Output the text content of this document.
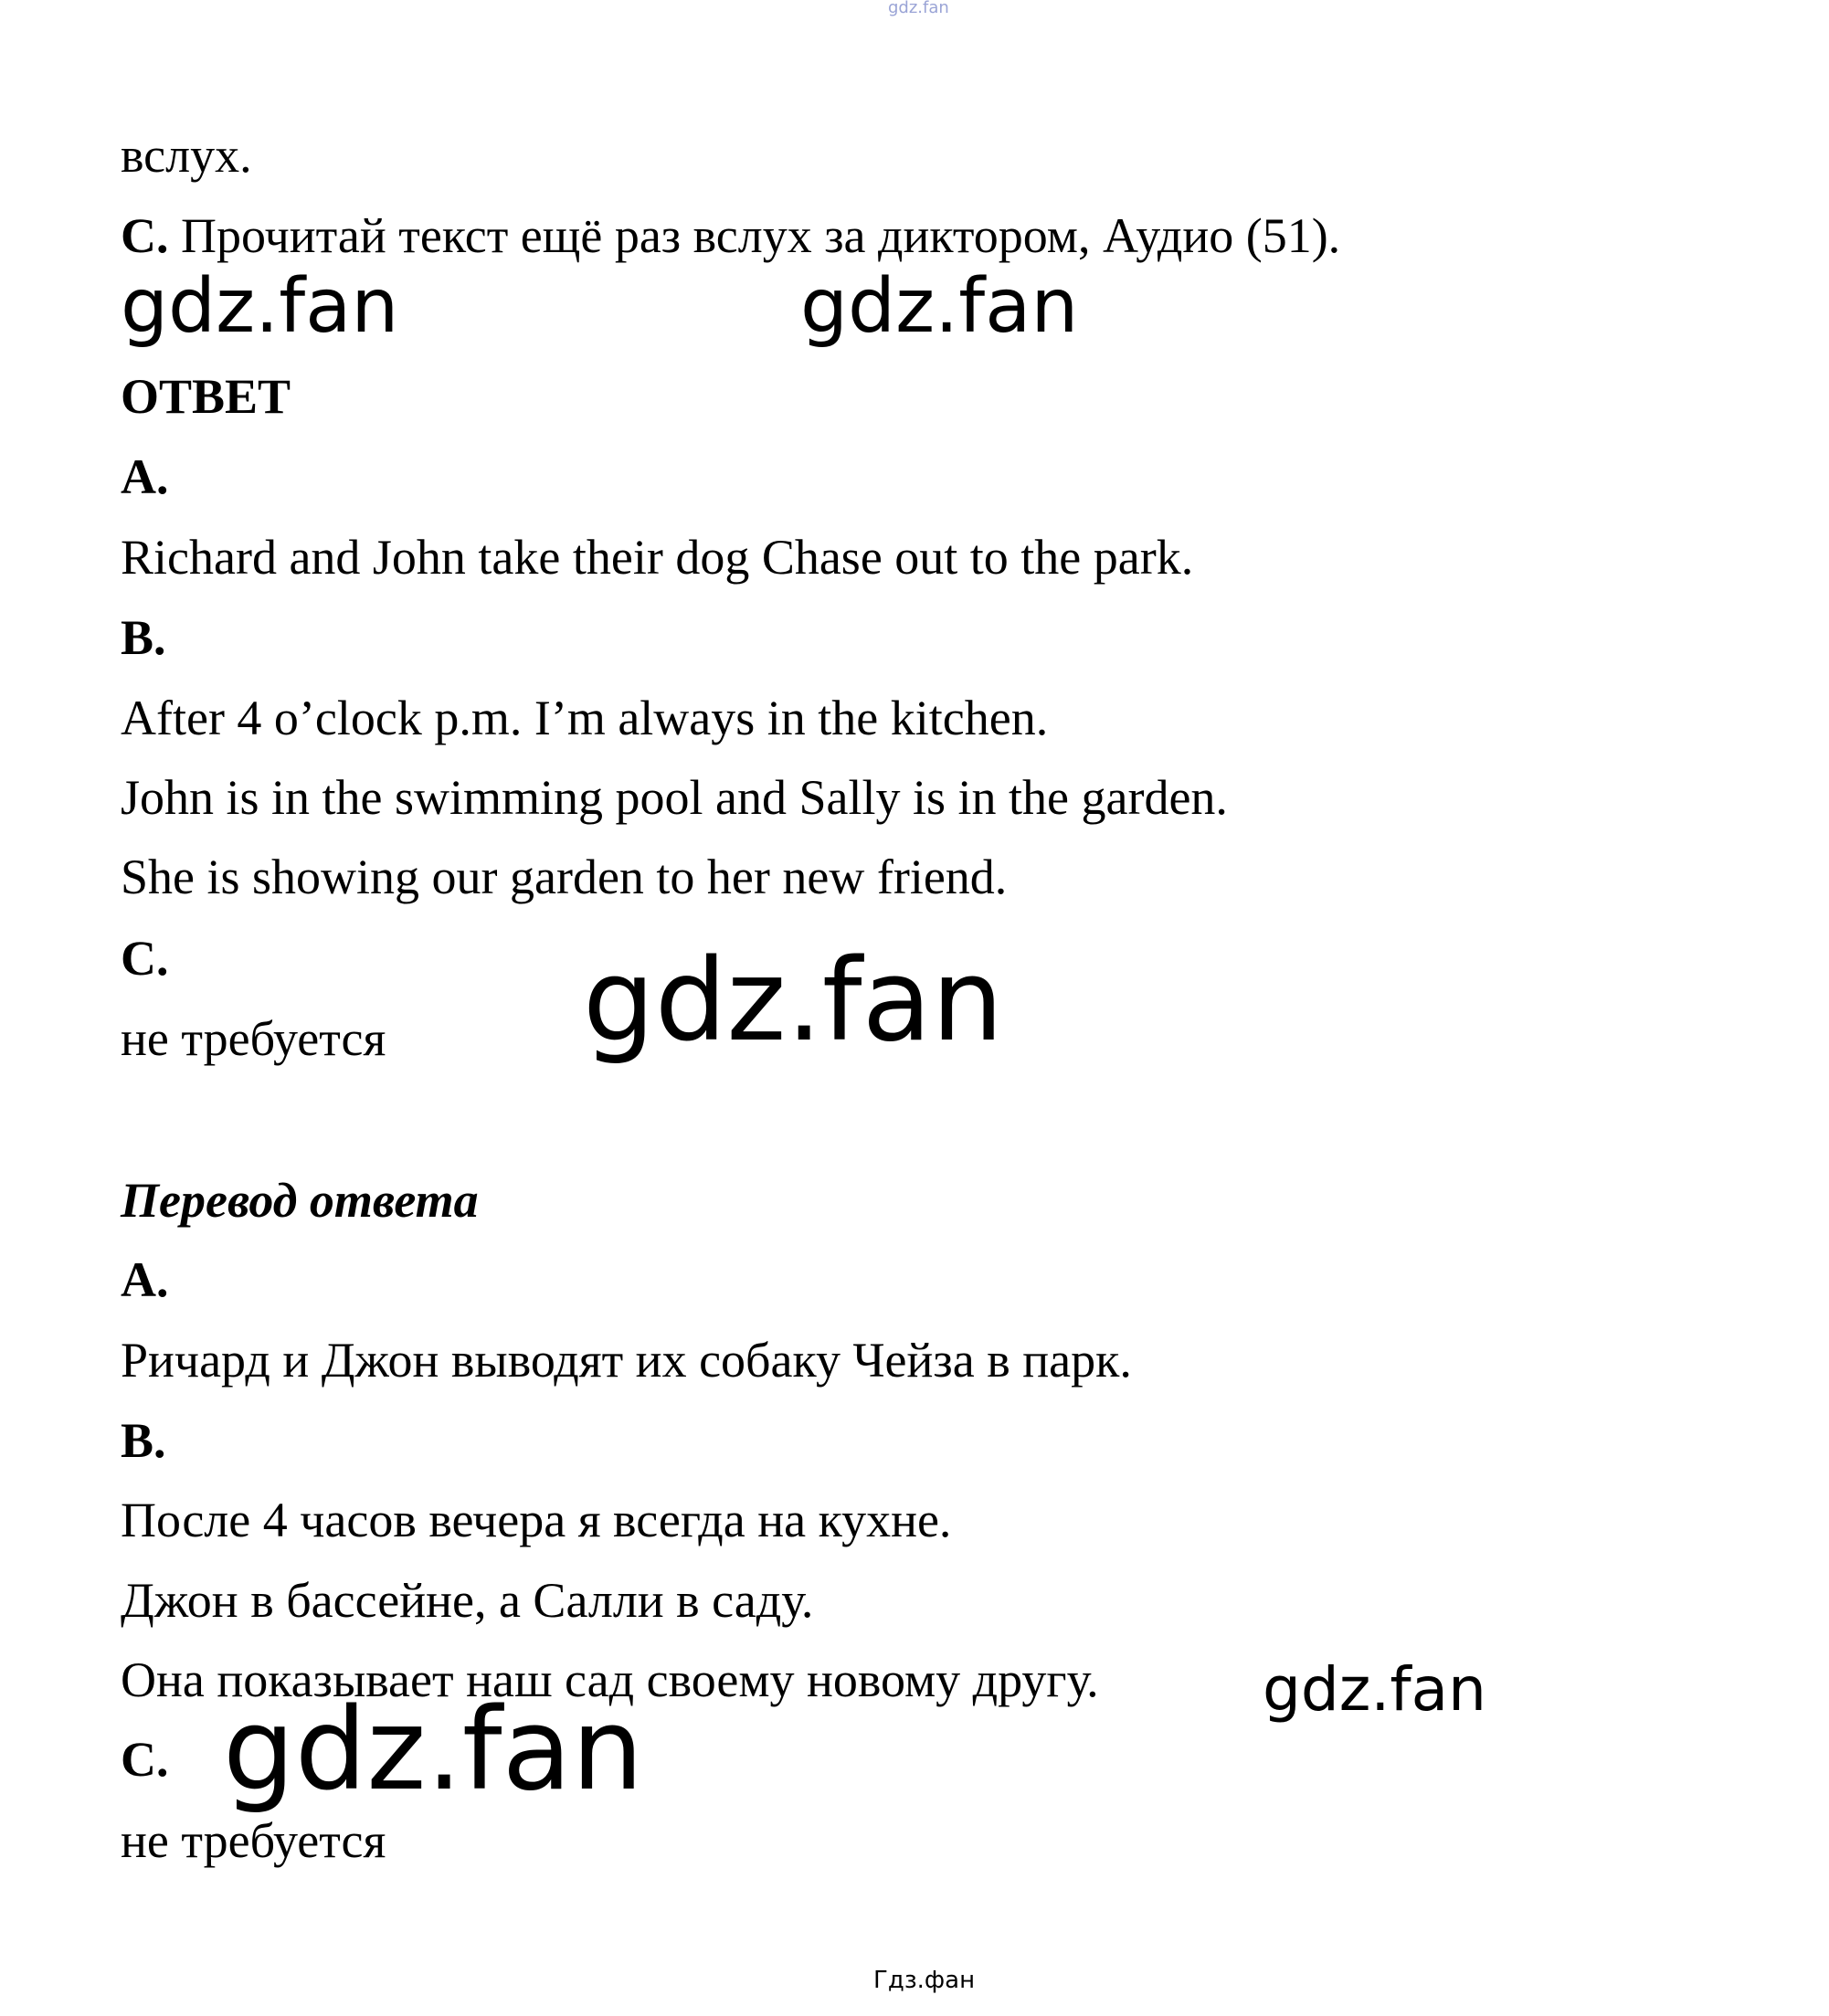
gdz.fan
вслух.
C. Прочитай текст ещё раз вслух за диктором, Аудио (51).
gdz.fan	gdz.fan
ОТВЕТ
A.
Richard and John take their dog Chase out to the park.
B.
After 4 o’clock p.m. I’m always in the kitchen.
John is in the swimming pool and Sally is in the garden.
She is showing our garden to her new friend.
C.
не требуется gdz.fan
Перевод ответа
A.
Ричард и Джон выводят их собаку Чейза в парк.
B.
После 4 часов вечера я всегда на кухне.
Джон в бассейне, а Салли в саду.
Она показывает наш сад своему новому другу.	gdz.fan
C. gdz.fan
не требуется
Гдз.фан
